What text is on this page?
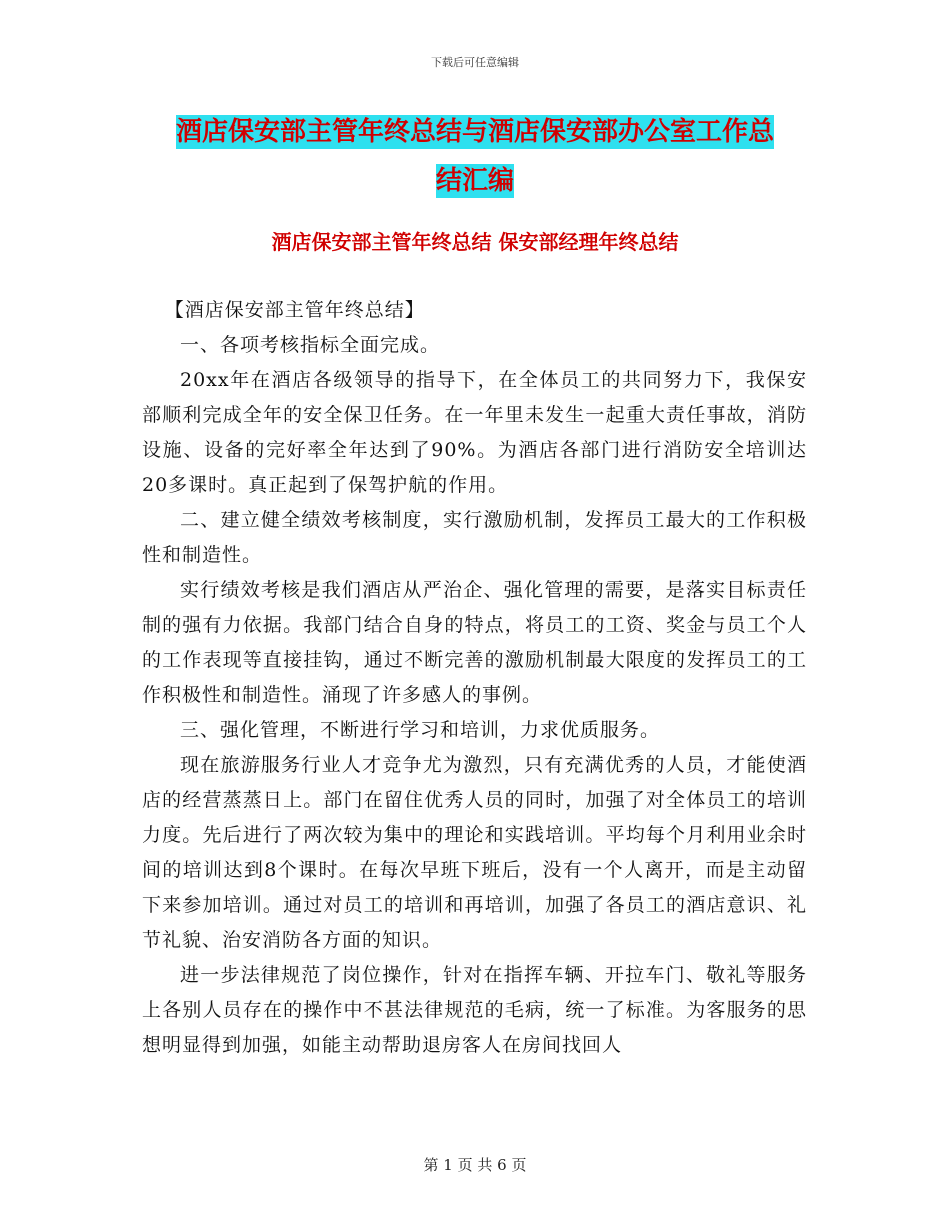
下载后可任意编辑
酒店保安部主管年终总结与酒店保安部办公室工作总
结汇编
酒店保安部主管年终总结 保安部经理年终总结

【酒店保安部主管年终总结】

一、各项考核指标全面完成。

20xx年在酒店各级领导的指导下，在全体员工的共同努力下，我保安部顺利完成全年的安全保卫任务。在一年里未发生一起重大责任事故，消防设施、设备的完好率全年达到了90%。为酒店各部门进行消防安全培训达20多课时。真正起到了保驾护航的作用。

二、建立健全绩效考核制度，实行激励机制，发挥员工最大的工作积极性和制造性。

实行绩效考核是我们酒店从严治企、强化管理的需要，是落实目标责任制的强有力依据。我部门结合自身的特点，将员工的工资、奖金与员工个人的工作表现等直接挂钩，通过不断完善的激励机制最大限度的发挥员工的工作积极性和制造性。涌现了许多感人的事例。

三、强化管理，不断进行学习和培训，力求优质服务。

现在旅游服务行业人才竞争尤为激烈，只有充满优秀的人员，才能使酒店的经营蒸蒸日上。部门在留住优秀人员的同时，加强了对全体员工的培训力度。先后进行了两次较为集中的理论和实践培训。平均每个月利用业余时间的培训达到8个课时。在每次早班下班后，没有一个人离开，而是主动留下来参加培训。通过对员工的培训和再培训，加强了各员工的酒店意识、礼节礼貌、治安消防各方面的知识。

进一步法律规范了岗位操作，针对在指挥车辆、开拉车门、敬礼等服务上各别人员存在的操作中不甚法律规范的毛病，统一了标准。为客服务的思想明显得到加强，如能主动帮助退房客人在房间找回人

第 1 页 共 6 页
